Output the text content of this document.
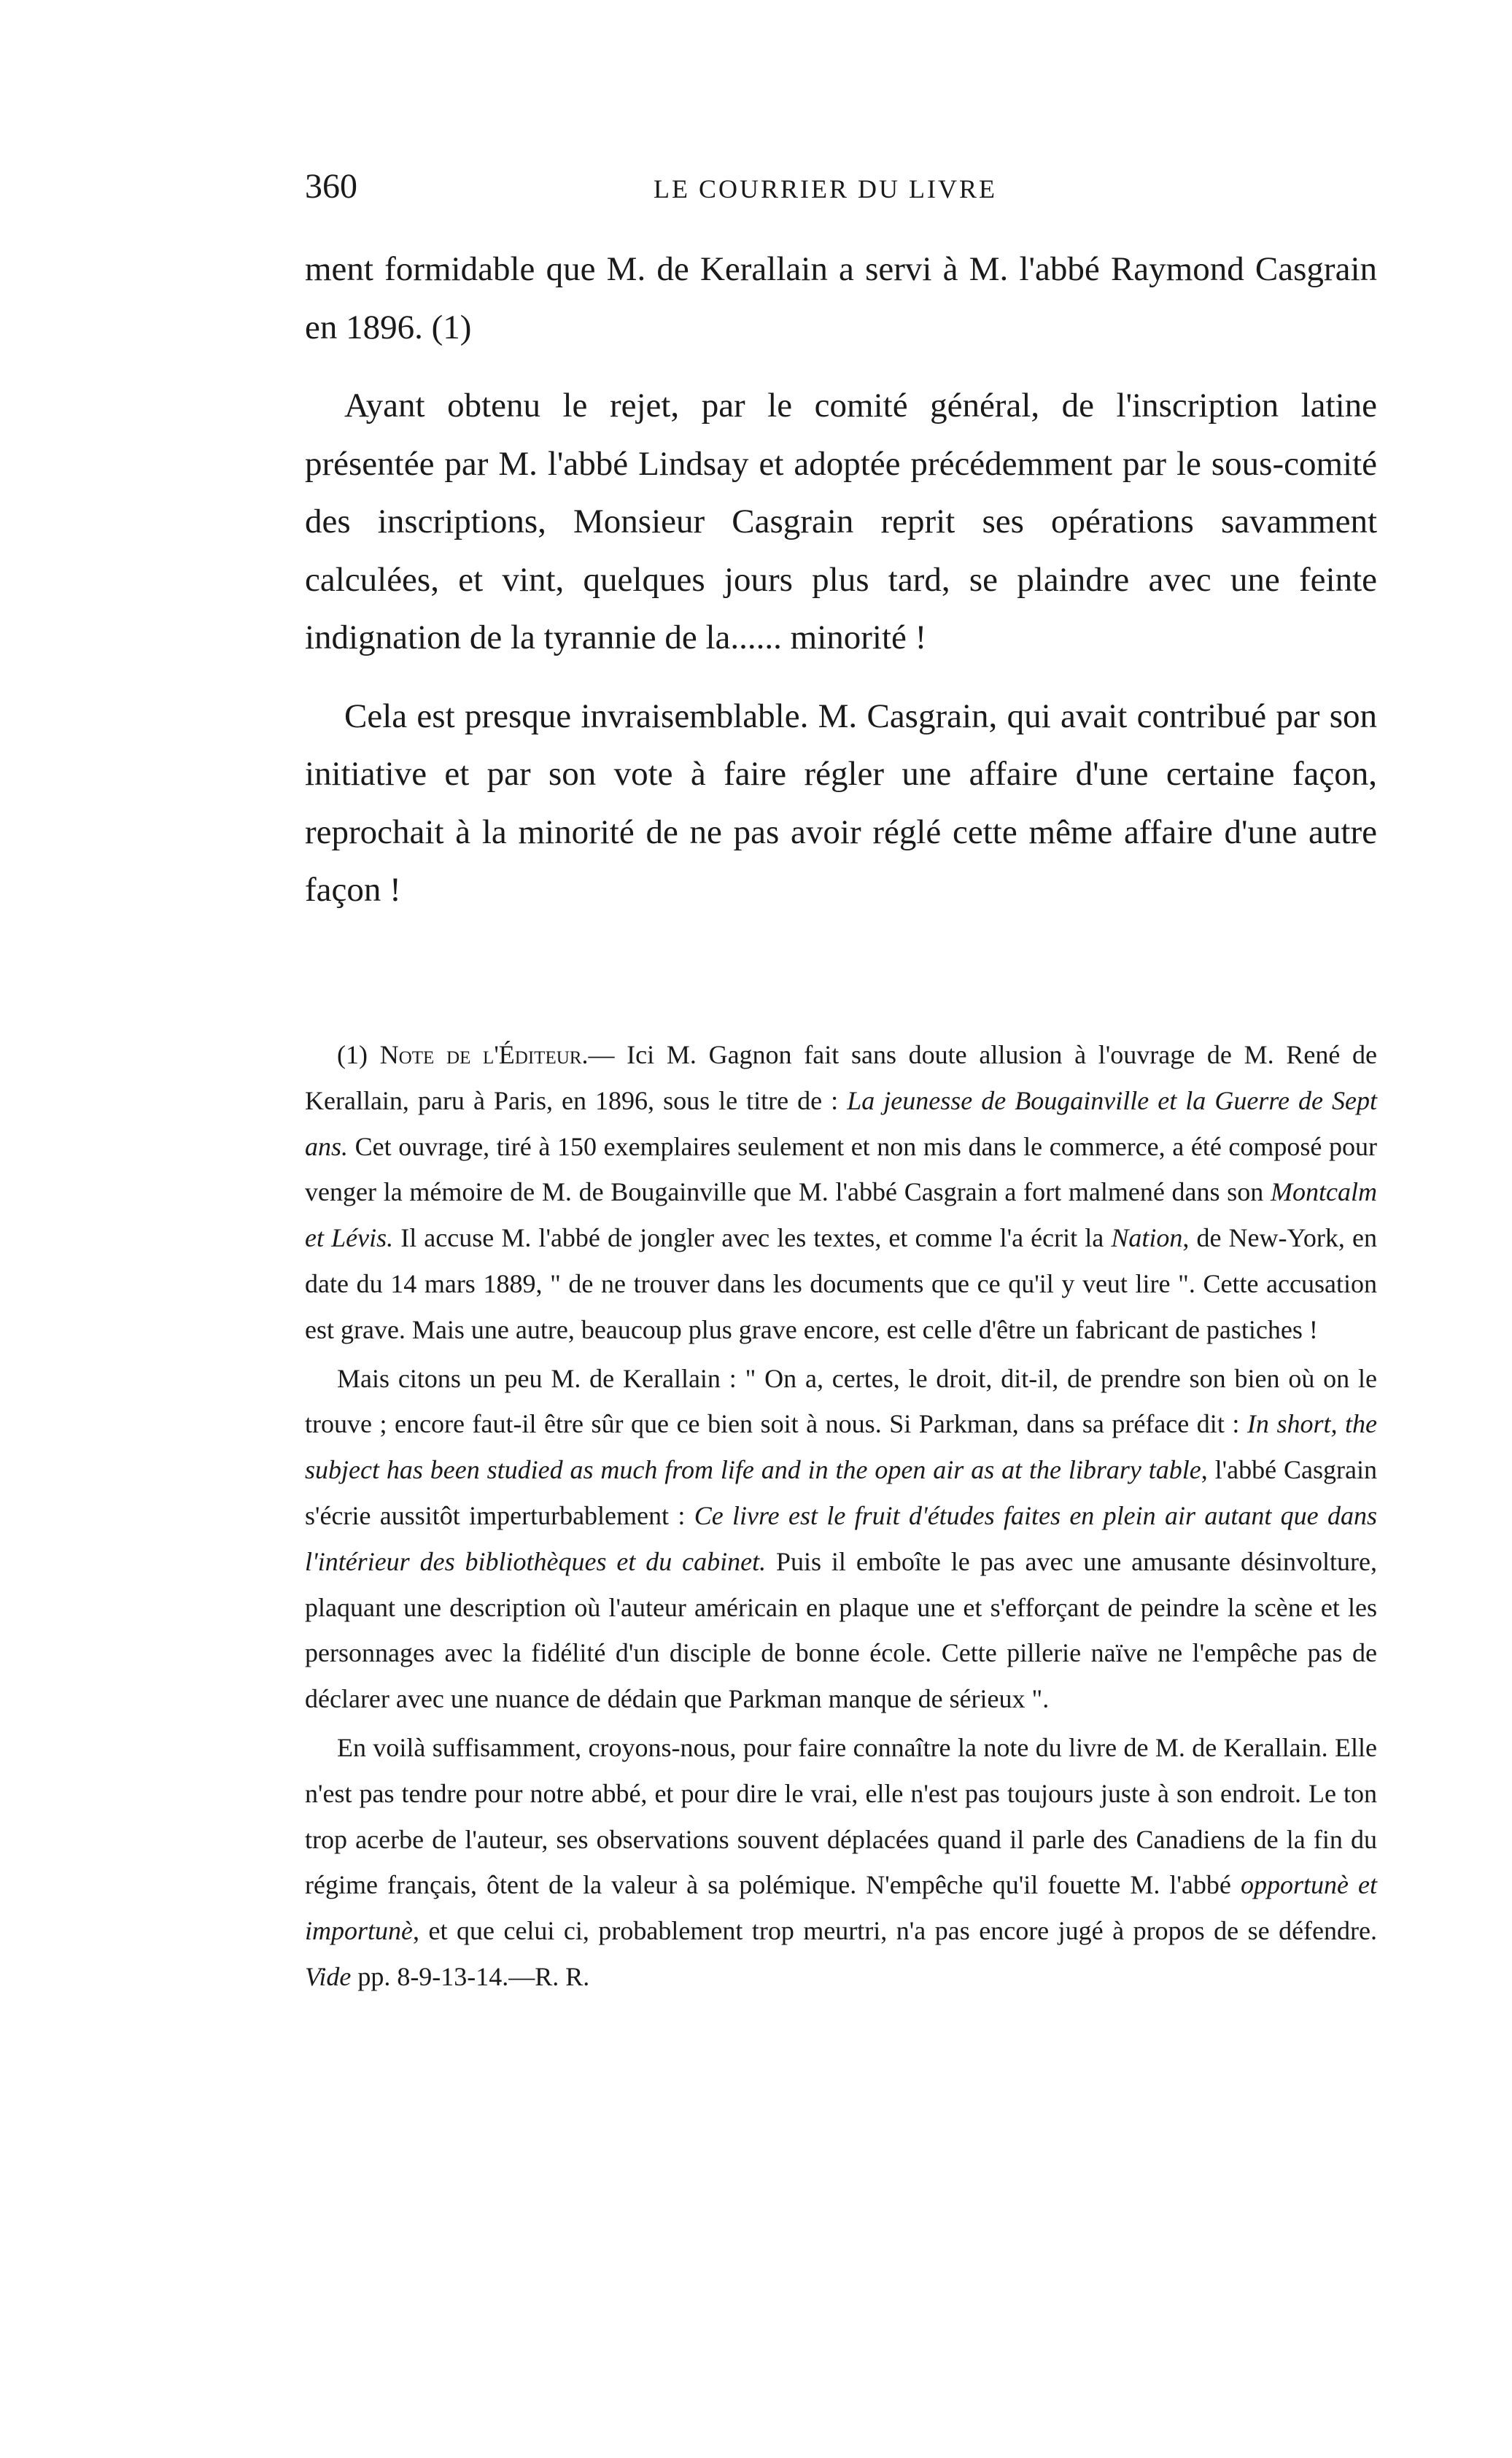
360	LE COURRIER DU LIVRE

ment formidable que M. de Kerallain a servi à M. l'abbé Raymond Casgrain en 1896. (1)

Ayant obtenu le rejet, par le comité général, de l'inscription latine présentée par M. l'abbé Lindsay et adoptée précédemment par le sous-comité des inscriptions, Monsieur Casgrain reprit ses opérations savamment calculées, et vint, quelques jours plus tard, se plaindre avec une feinte indignation de la tyrannie de la...... minorité !

Cela est presque invraisemblable. M. Casgrain, qui avait contribué par son initiative et par son vote à faire régler une affaire d'une certaine façon, reprochait à la minorité de ne pas avoir réglé cette même affaire d'une autre façon !

(1) Note de l'Éditeur.— Ici M. Gagnon fait sans doute allusion à l'ouvrage de M. René de Kerallain, paru à Paris, en 1896, sous le titre de : La jeunesse de Bougainville et la Guerre de Sept ans. Cet ouvrage, tiré à 150 exemplaires seulement et non mis dans le commerce, a été composé pour venger la mémoire de M. de Bougainville que M. l'abbé Casgrain a fort malmené dans son Montcalm et Lévis. Il accuse M. l'abbé de jongler avec les textes, et comme l'a écrit la Nation, de New-York, en date du 14 mars 1889, " de ne trouver dans les documents que ce qu'il y veut lire ". Cette accusation est grave. Mais une autre, beaucoup plus grave encore, est celle d'être un fabricant de pastiches !

Mais citons un peu M. de Kerallain : " On a, certes, le droit, dit-il, de prendre son bien où on le trouve ; encore faut-il être sûr que ce bien soit à nous. Si Parkman, dans sa préface dit : In short, the subject has been studied as much from life and in the open air as at the library table, l'abbé Casgrain s'écrie aussitôt imperturbablement : Ce livre est le fruit d'études faites en plein air autant que dans l'intérieur des bibliothèques et du cabinet. Puis il emboîte le pas avec une amusante désinvolture, plaquant une description où l'auteur américain en plaque une et s'efforçant de peindre la scène et les personnages avec la fidélité d'un disciple de bonne école. Cette pillerie naïve ne l'empêche pas de déclarer avec une nuance de dédain que Parkman manque de sérieux ".

En voilà suffisamment, croyons-nous, pour faire connaître la note du livre de M. de Kerallain. Elle n'est pas tendre pour notre abbé, et pour dire le vrai, elle n'est pas toujours juste à son endroit. Le ton trop acerbe de l'auteur, ses observations souvent déplacées quand il parle des Canadiens de la fin du régime français, ôtent de la valeur à sa polémique. N'empêche qu'il fouette M. l'abbé opportunè et importunè, et que celui ci, probablement trop meurtri, n'a pas encore jugé à propos de se défendre. Vide pp. 8-9-13-14.—R. R.
